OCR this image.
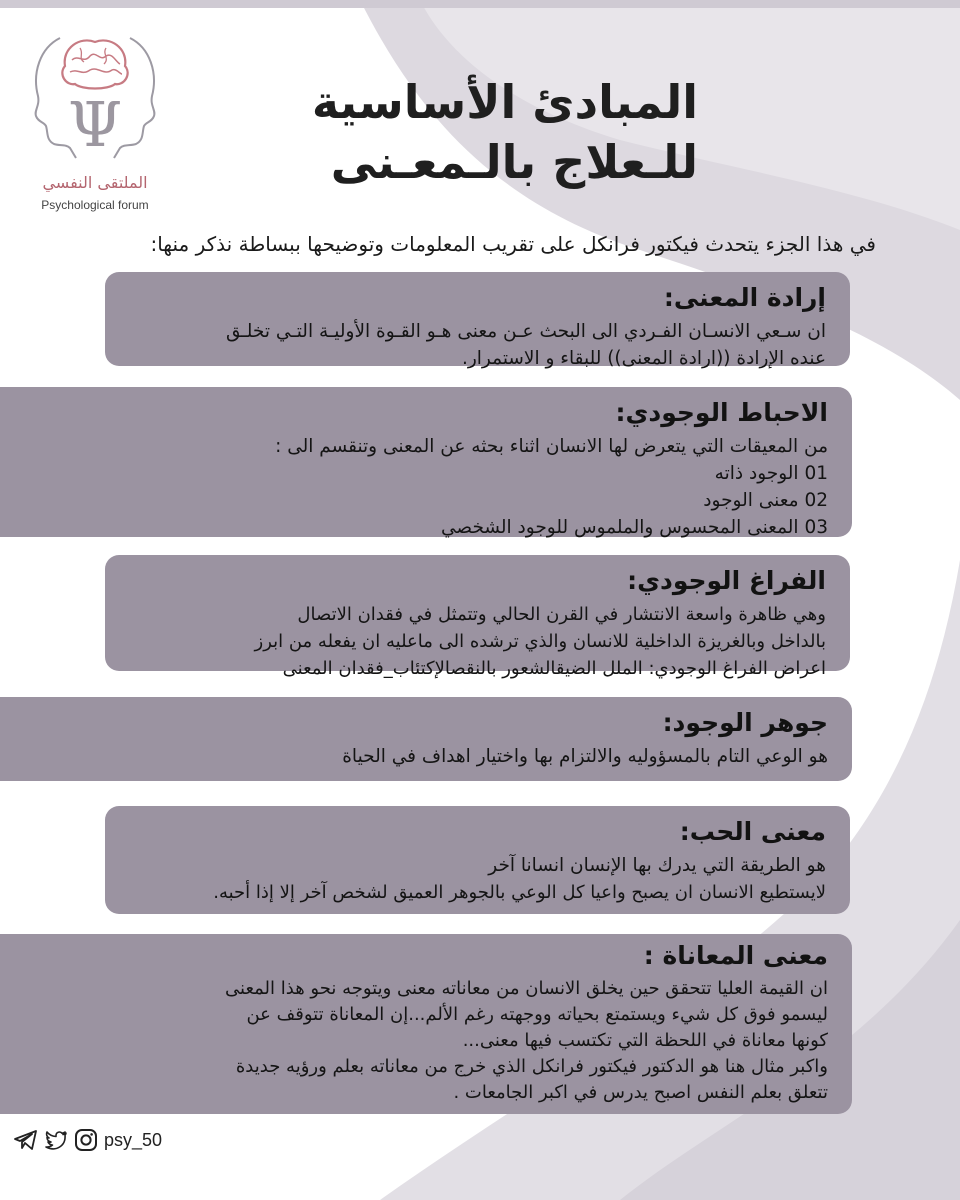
Ψ
الملتقى النفسي
Psychological forum
المبادئ الأساسية
للـعلاج بالـمعـنى
في هذا الجزء يتحدث فيكتور فرانكل على تقريب المعلومات وتوضيحها ببساطة نذكر منها:
إرادة المعنى:

ان سـعي الانسـان الفـردي الى البحث عـن معنى هـو القـوة الأوليـة التـي تخلـق

عنده الإرادة ((ارادة المعنى)) للبقاء و الاستمرار.

الاحباط الوجودي:

من المعيقات التي يتعرض لها الانسان اثناء بحثه عن المعنى وتنقسم الى :

01 الوجود ذاته

02 معنى الوجود

03 المعنى المحسوس والملموس للوجود الشخصي

الفراغ الوجودي:

وهي ظاهرة واسعة الانتشار في القرن الحالي وتتمثل في فقدان الاتصال

بالداخل وبالغريزة الداخلية للانسان والذي ترشده الى ماعليه ان يفعله من ابرز

اعراض الفراغ الوجودي: الملل الضيقالشعور بالنقصالإكتئاب_فقدان المعنى

جوهر الوجود:

هو الوعي التام بالمسؤوليه والالتزام بها واختيار اهداف في الحياة

معنى الحب:

هو الطريقة التي يدرك بها الإنسان انسانا آخر

لايستطيع الانسان ان يصبح واعيا كل الوعي بالجوهر العميق لشخص آخر إلا إذا أحبه.

معنى المعاناة :

ان القيمة العليا تتحقق حين يخلق الانسان من معاناته معنى ويتوجه نحو هذا المعنى

ليسمو فوق كل شيء ويستمتع بحياته ووجهته رغم الألم...إن المعاناة تتوقف عن

كونها معاناة في اللحظة التي تكتسب فيها معنى...

واكبر مثال هنا هو الدكتور فيكتور فرانكل الذي خرج من معاناته بعلم ورؤيه جديدة

تتعلق بعلم النفس اصبح يدرس في اكبر الجامعات .

psy_50
